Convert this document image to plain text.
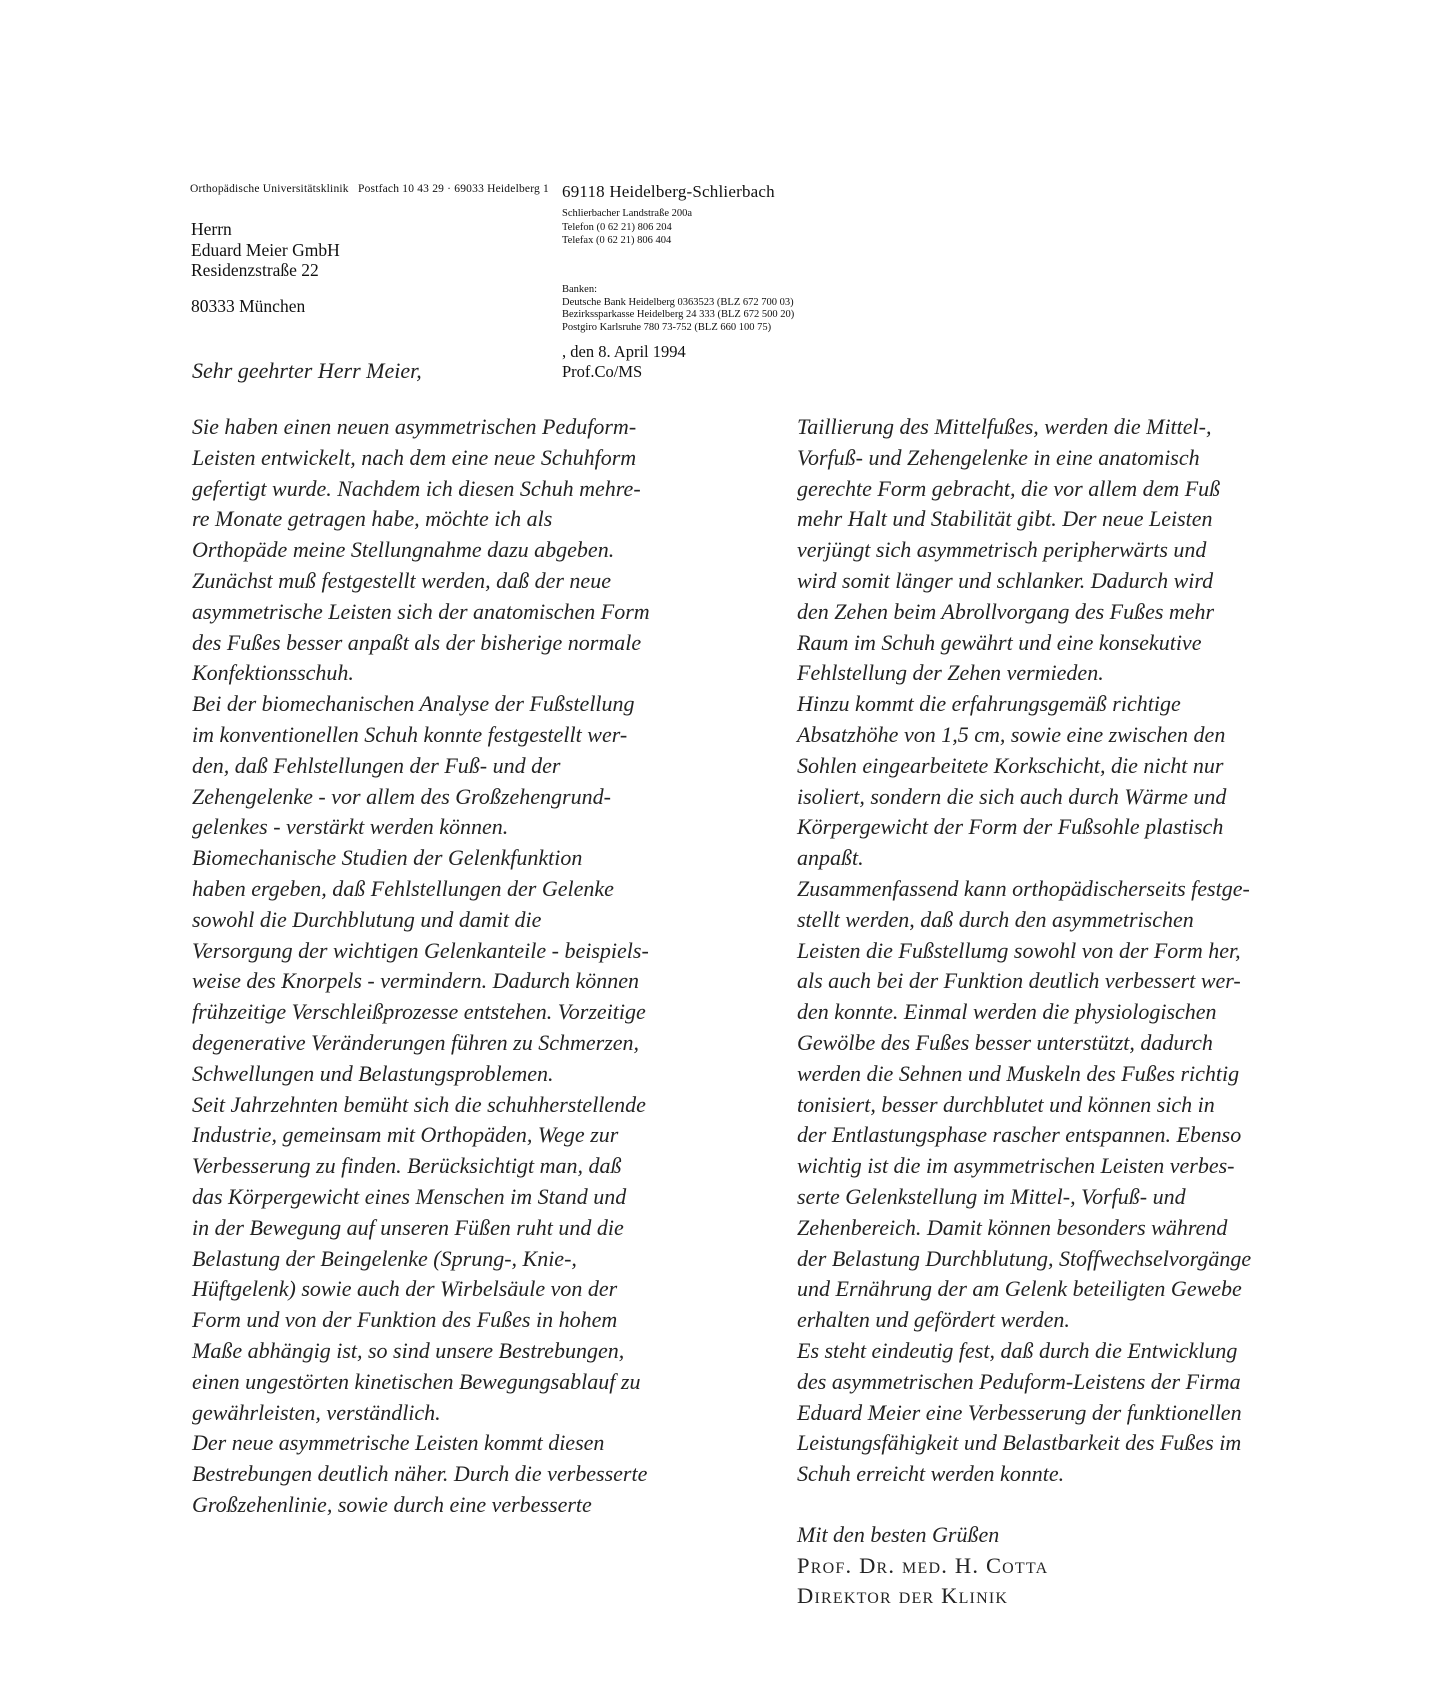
Orthopädische Universitätsklinik   Postfach 10 43 29 · 69033 Heidelberg 1
Herrn
Eduard Meier GmbH
Residenzstraße 22
80333 München
69118 Heidelberg-Schlierbach
Schlierbacher Landstraße 200a
Telefon (0 62 21) 806 204
Telefax (0 62 21) 806 404
Banken:
Deutsche Bank Heidelberg 0363523 (BLZ 672 700 03)
Bezirkssparkasse Heidelberg 24 333 (BLZ 672 500 20)
Postgiro Karlsruhe 780 73-752 (BLZ 660 100 75)
, den 8. April 1994
Prof.Co/MS
Sehr geehrter Herr Meier,
Sie haben einen neuen asymmetrischen Peduform-
Leisten entwickelt, nach dem eine neue Schuhform
gefertigt wurde. Nachdem ich diesen Schuh mehre-
re Monate getragen habe, möchte ich als
Orthopäde meine Stellungnahme dazu abgeben.
Zunächst muß festgestellt werden, daß der neue
asymmetrische Leisten sich der anatomischen Form
des Fußes besser anpaßt als der bisherige normale
Konfektionsschuh.
Bei der biomechanischen Analyse der Fußstellung
im konventionellen Schuh konnte festgestellt wer-
den, daß Fehlstellungen der Fuß- und der
Zehengelenke - vor allem des Großzehengrund-
gelenkes - verstärkt werden können.
Biomechanische Studien der Gelenkfunktion
haben ergeben, daß Fehlstellungen der Gelenke
sowohl die Durchblutung und damit die
Versorgung der wichtigen Gelenkanteile - beispiels-
weise des Knorpels - vermindern. Dadurch können
frühzeitige Verschleißprozesse entstehen. Vorzeitige
degenerative Veränderungen führen zu Schmerzen,
Schwellungen und Belastungsproblemen.
Seit Jahrzehnten bemüht sich die schuhherstellende
Industrie, gemeinsam mit Orthopäden, Wege zur
Verbesserung zu finden. Berücksichtigt man, daß
das Körpergewicht eines Menschen im Stand und
in der Bewegung auf unseren Füßen ruht und die
Belastung der Beingelenke (Sprung-, Knie-,
Hüftgelenk) sowie auch der Wirbelsäule von der
Form und von der Funktion des Fußes in hohem
Maße abhängig ist, so sind unsere Bestrebungen,
einen ungestörten kinetischen Bewegungsablauf zu
gewährleisten, verständlich.
Der neue asymmetrische Leisten kommt diesen
Bestrebungen deutlich näher. Durch die verbesserte
Großzehenlinie, sowie durch eine verbesserte
Taillierung des Mittelfußes, werden die Mittel-,
Vorfuß- und Zehengelenke in eine anatomisch
gerechte Form gebracht, die vor allem dem Fuß
mehr Halt und Stabilität gibt. Der neue Leisten
verjüngt sich asymmetrisch peripherwärts und
wird somit länger und schlanker. Dadurch wird
den Zehen beim Abrollvorgang des Fußes mehr
Raum im Schuh gewährt und eine konsekutive
Fehlstellung der Zehen vermieden.
Hinzu kommt die erfahrungsgemäß richtige
Absatzhöhe von 1,5 cm, sowie eine zwischen den
Sohlen eingearbeitete Korkschicht, die nicht nur
isoliert, sondern die sich auch durch Wärme und
Körpergewicht der Form der Fußsohle plastisch
anpaßt.
Zusammenfassend kann orthopädischerseits festge-
stellt werden, daß durch den asymmetrischen
Leisten die Fußstellumg sowohl von der Form her,
als auch bei der Funktion deutlich verbessert wer-
den konnte. Einmal werden die physiologischen
Gewölbe des Fußes besser unterstützt, dadurch
werden die Sehnen und Muskeln des Fußes richtig
tonisiert, besser durchblutet und können sich in
der Entlastungsphase rascher entspannen. Ebenso
wichtig ist die im asymmetrischen Leisten verbes-
serte Gelenkstellung im Mittel-, Vorfuß- und
Zehenbereich. Damit können besonders während
der Belastung Durchblutung, Stoffwechselvorgänge
und Ernährung der am Gelenk beteiligten Gewebe
erhalten und gefördert werden.
Es steht eindeutig fest, daß durch die Entwicklung
des asymmetrischen Peduform-Leistens der Firma
Eduard Meier eine Verbesserung der funktionellen
Leistungsfähigkeit und Belastbarkeit des Fußes im
Schuh erreicht werden konnte.
Mit den besten Grüßen
Prof. Dr. med. H. Cotta
Direktor der Klinik
